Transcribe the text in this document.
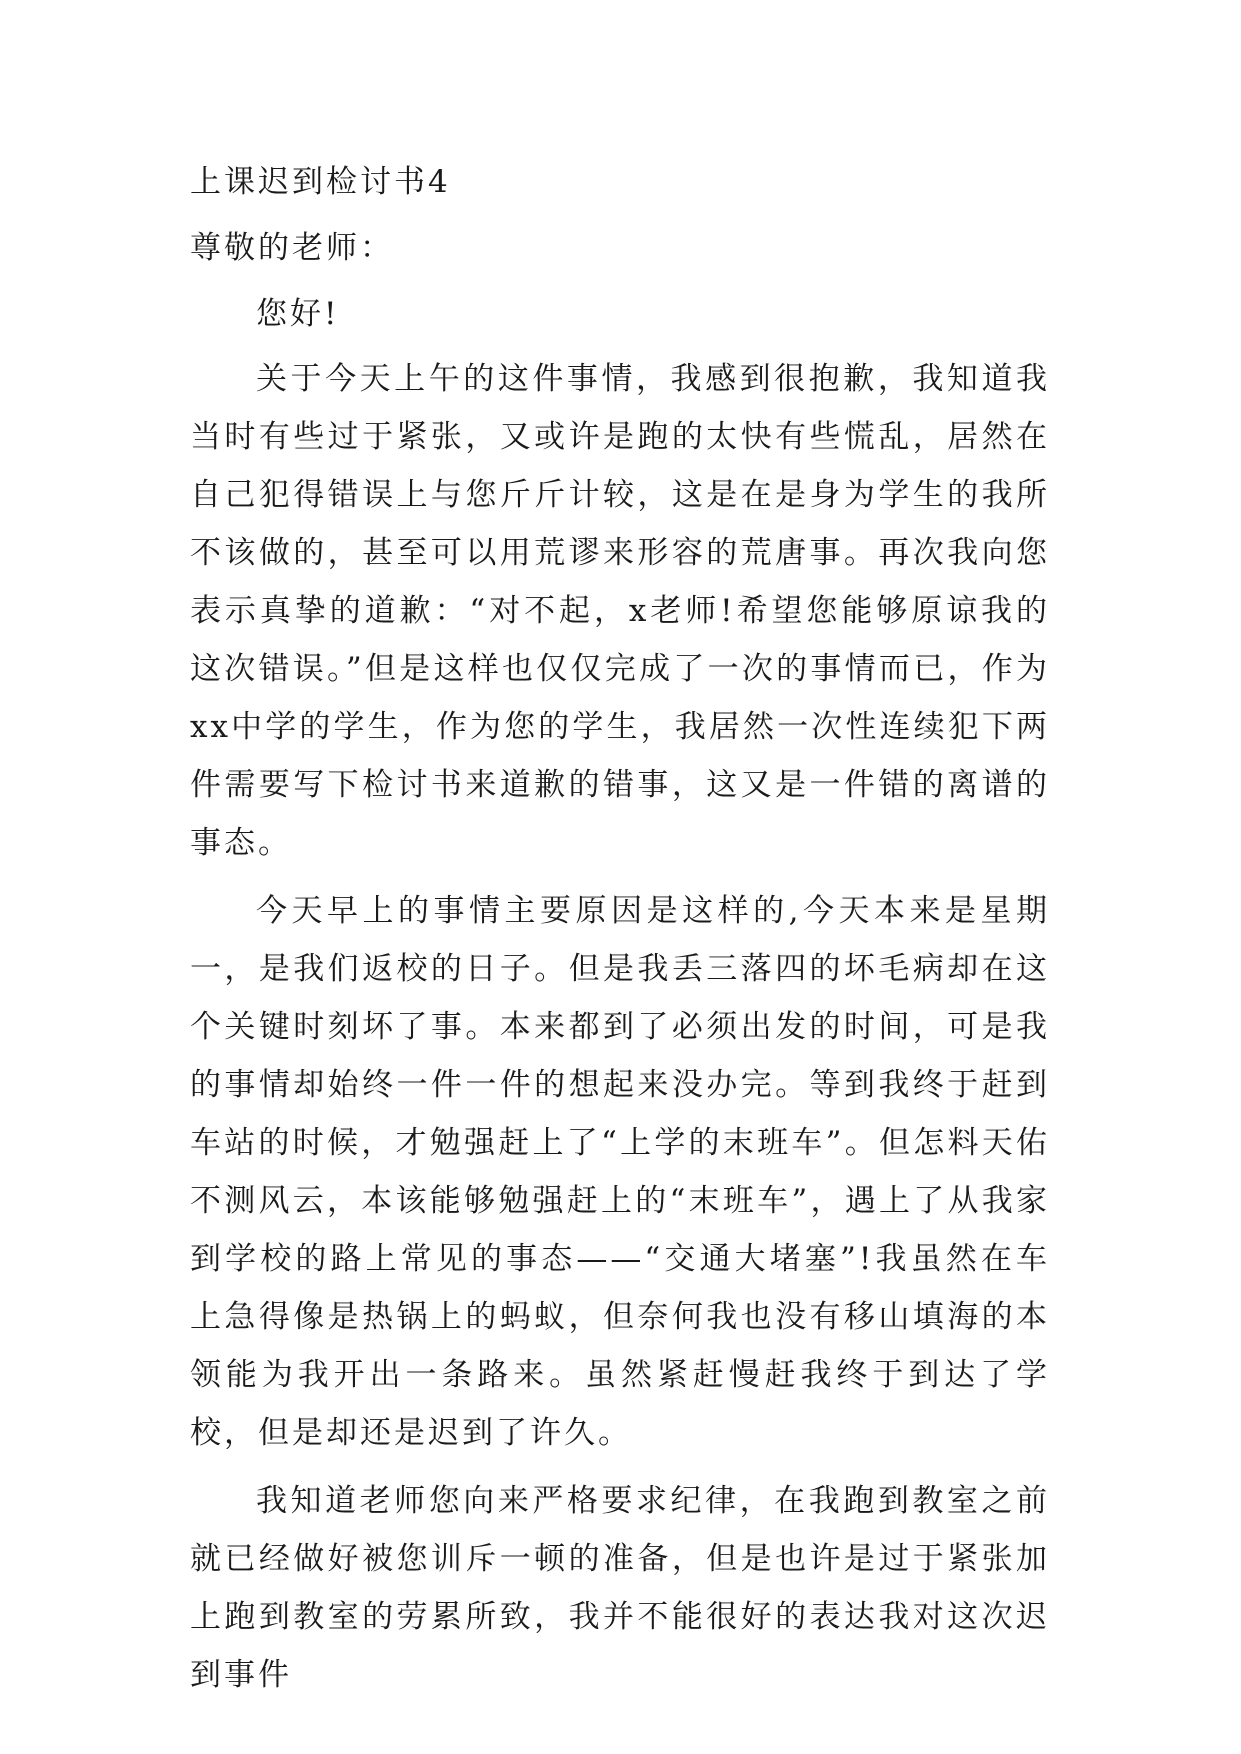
上课迟到检讨书4
尊敬的老师：
您好!

关于今天上午的这件事情，我感到很抱歉，我知道我当时有些过于紧张，又或许是跑的太快有些慌乱，居然在自己犯得错误上与您斤斤计较，这是在是身为学生的我所不该做的，甚至可以用荒谬来形容的荒唐事。再次我向您表示真挚的道歉：“对不起，x老师!希望您能够原谅我的这次错误。”但是这样也仅仅完成了一次的事情而已，作为xx中学的学生，作为您的学生，我居然一次性连续犯下两件需要写下检讨书来道歉的错事，这又是一件错的离谱的事态。

今天早上的事情主要原因是这样的,今天本来是星期一，是我们返校的日子。但是我丢三落四的坏毛病却在这个关键时刻坏了事。本来都到了必须出发的时间，可是我的事情却始终一件一件的想起来没办完。等到我终于赶到车站的时候，才勉强赶上了“上学的末班车”。但怎料天佑不测风云，本该能够勉强赶上的“末班车”，遇上了从我家到学校的路上常见的事态——“交通大堵塞”!我虽然在车上急得像是热锅上的蚂蚁，但奈何我也没有移山填海的本领能为我开出一条路来。虽然紧赶慢赶我终于到达了学校，但是却还是迟到了许久。

我知道老师您向来严格要求纪律，在我跑到教室之前就已经做好被您训斥一顿的准备，但是也许是过于紧张加上跑到教室的劳累所致，我并不能很好的表达我对这次迟到事件
